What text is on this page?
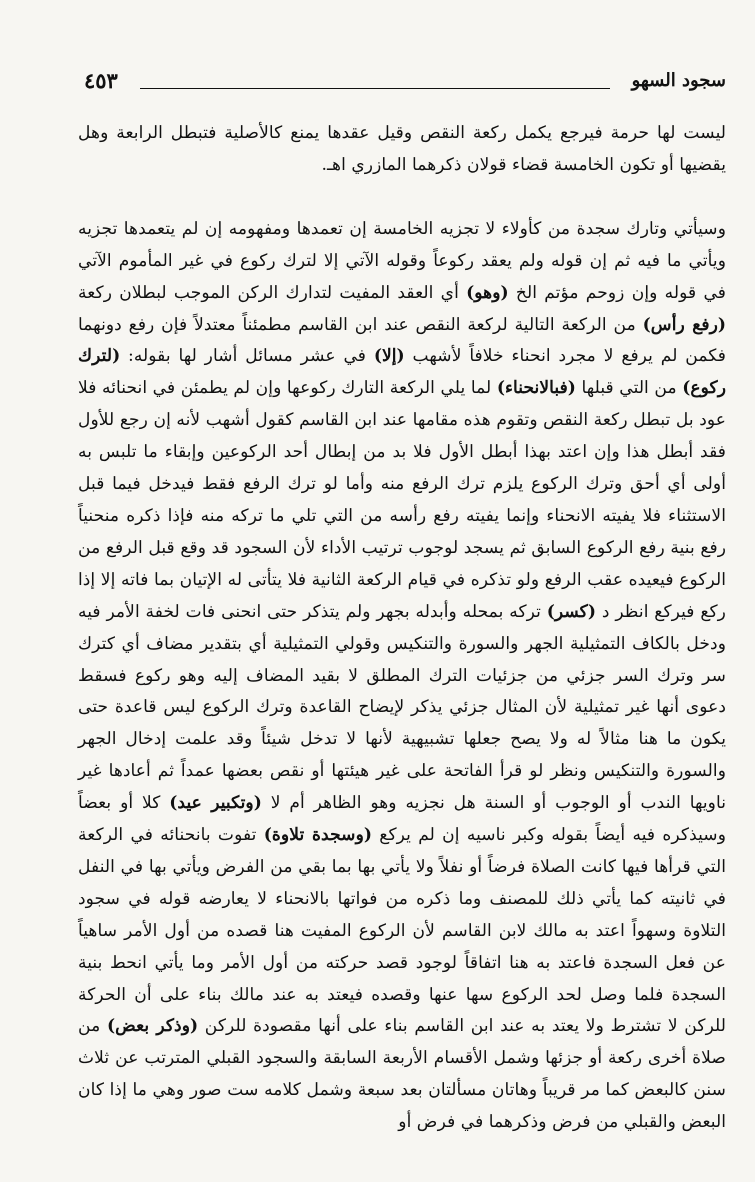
سجود السهو
٤٥٣

ليست لها حرمة فيرجع يكمل ركعة النقص وقيل عقدها يمنع كالأصلية فتبطل الرابعة وهل يقضيها أو تكون الخامسة قضاء قولان ذكرهما المازري اهـ.

وسيأتي وتارك سجدة من كأولاء لا تجزيه الخامسة إن تعمدها ومفهومه إن لم يتعمدها تجزيه ويأتي ما فيه ثم إن قوله ولم يعقد ركوعاً وقوله الآتي إلا لترك ركوع في غير المأموم الآتي في قوله وإن زوحم مؤتم الخ (وهو) أي العقد المفيت لتدارك الركن الموجب لبطلان ركعة (رفع رأس) من الركعة التالية لركعة النقص عند ابن القاسم مطمئناً معتدلاً فإن رفع دونهما فكمن لم يرفع لا مجرد انحناء خلافاً لأشهب (إلا) في عشر مسائل أشار لها بقوله: (لترك ركوع) من التي قبلها (فبالانحناء) لما يلي الركعة التارك ركوعها وإن لم يطمئن في انحنائه فلا عود بل تبطل ركعة النقص وتقوم هذه مقامها عند ابن القاسم كقول أشهب لأنه إن رجع للأول فقد أبطل هذا وإن اعتد بهذا أبطل الأول فلا بد من إبطال أحد الركوعين وإبقاء ما تلبس به أولى أي أحق وترك الركوع يلزم ترك الرفع منه وأما لو ترك الرفع فقط فيدخل فيما قبل الاستثناء فلا يفيته الانحناء وإنما يفيته رفع رأسه من التي تلي ما تركه منه فإذا ذكره منحنياً رفع بنية رفع الركوع السابق ثم يسجد لوجوب ترتيب الأداء لأن السجود قد وقع قبل الرفع من الركوع فيعيده عقب الرفع ولو تذكره في قيام الركعة الثانية فلا يتأتى له الإتيان بما فاته إلا إذا ركع فيركع انظر د (كسر) تركه بمحله وأبدله بجهر ولم يتذكر حتى انحنى فات لخفة الأمر فيه ودخل بالكاف التمثيلية الجهر والسورة والتنكيس وقولي التمثيلية أي بتقدير مضاف أي كترك سر وترك السر جزئي من جزئيات الترك المطلق لا بقيد المضاف إليه وهو ركوع فسقط دعوى أنها غير تمثيلية لأن المثال جزئي يذكر لإيضاح القاعدة وترك الركوع ليس قاعدة حتى يكون ما هنا مثالاً له ولا يصح جعلها تشبيهية لأنها لا تدخل شيئاً وقد علمت إدخال الجهر والسورة والتنكيس ونظر لو قرأ الفاتحة على غير هيئتها أو نقص بعضها عمداً ثم أعادها غير ناويها الندب أو الوجوب أو السنة هل نجزيه وهو الظاهر أم لا (وتكبير عيد) كلا أو بعضاً وسيذكره فيه أيضاً بقوله وكبر ناسيه إن لم يركع (وسجدة تلاوة) تفوت بانحنائه في الركعة التي قرأها فيها كانت الصلاة فرضاً أو نفلاً ولا يأتي بها بما بقي من الفرض ويأتي بها في النفل في ثانيته كما يأتي ذلك للمصنف وما ذكره من فواتها بالانحناء لا يعارضه قوله في سجود التلاوة وسهواً اعتد به مالك لابن القاسم لأن الركوع المفيت هنا قصده من أول الأمر ساهياً عن فعل السجدة فاعتد به هنا اتفاقاً لوجود قصد حركته من أول الأمر وما يأتي انحط بنية السجدة فلما وصل لحد الركوع سها عنها وقصده فيعتد به عند مالك بناء على أن الحركة للركن لا تشترط ولا يعتد به عند ابن القاسم بناء على أنها مقصودة للركن (وذكر بعض) من صلاة أخرى ركعة أو جزئها وشمل الأقسام الأربعة السابقة والسجود القبلي المترتب عن ثلاث سنن كالبعض كما مر قريباً وهاتان مسألتان بعد سبعة وشمل كلامه ست صور وهي ما إذا كان البعض والقبلي من فرض وذكرهما في فرض أو
